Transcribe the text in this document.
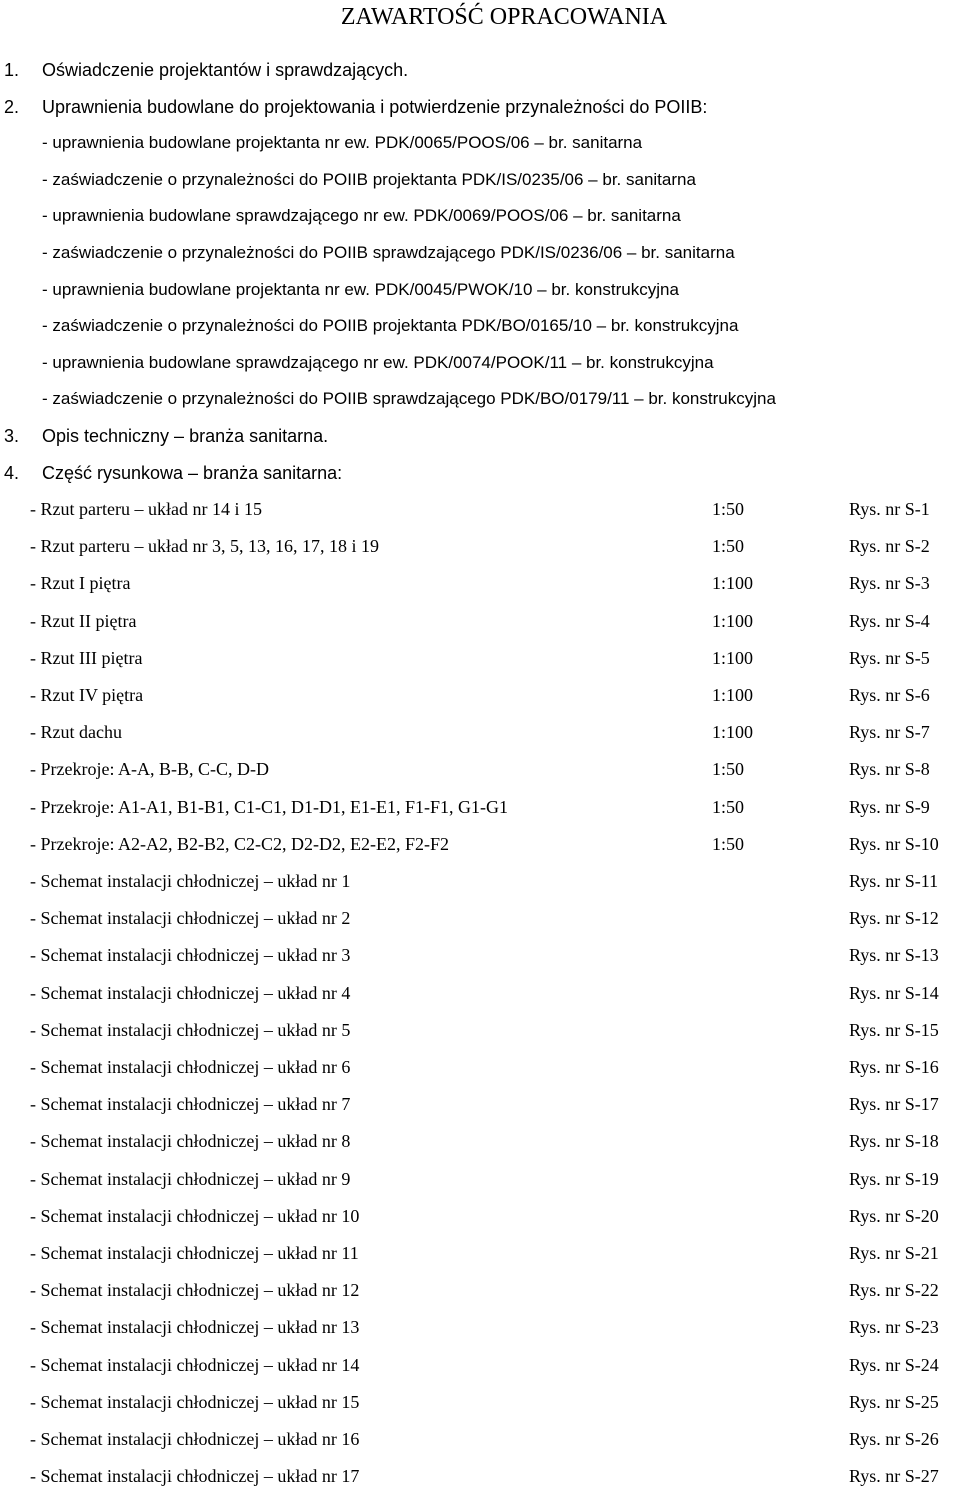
ZAWARTOŚĆ OPRACOWANIA
1. Oświadczenie projektantów i sprawdzających.
2. Uprawnienia budowlane do projektowania i potwierdzenie przynależności do POIIB:
- uprawnienia budowlane projektanta nr ew. PDK/0065/POOS/06 – br. sanitarna
- zaświadczenie o przynależności do POIIB projektanta PDK/IS/0235/06 – br. sanitarna
- uprawnienia budowlane sprawdzającego nr ew. PDK/0069/POOS/06 – br. sanitarna
- zaświadczenie o przynależności do POIIB sprawdzającego PDK/IS/0236/06 – br. sanitarna
- uprawnienia budowlane projektanta nr ew. PDK/0045/PWOK/10 – br. konstrukcyjna
- zaświadczenie o przynależności do POIIB projektanta PDK/BO/0165/10 – br. konstrukcyjna
- uprawnienia budowlane sprawdzającego nr ew. PDK/0074/POOK/11 – br. konstrukcyjna
- zaświadczenie o przynależności do POIIB sprawdzającego PDK/BO/0179/11 – br. konstrukcyjna
3. Opis techniczny – branża sanitarna.
4. Część rysunkowa – branża sanitarna:
- Rzut parteru – układ nr 14 i 15	1:50	Rys. nr S-1
- Rzut parteru – układ nr 3, 5, 13, 16, 17, 18 i 19	1:50	Rys. nr S-2
- Rzut I piętra	1:100	Rys. nr S-3
- Rzut II piętra	1:100	Rys. nr S-4
- Rzut III piętra	1:100	Rys. nr S-5
- Rzut IV piętra	1:100	Rys. nr S-6
- Rzut dachu	1:100	Rys. nr S-7
- Przekroje: A-A, B-B, C-C, D-D	1:50	Rys. nr S-8
- Przekroje: A1-A1, B1-B1, C1-C1, D1-D1, E1-E1, F1-F1, G1-G1	1:50	Rys. nr S-9
- Przekroje: A2-A2, B2-B2, C2-C2, D2-D2, E2-E2, F2-F2	1:50	Rys. nr S-10
- Schemat instalacji chłodniczej – układ nr 1	Rys. nr S-11
- Schemat instalacji chłodniczej – układ nr 2	Rys. nr S-12
- Schemat instalacji chłodniczej – układ nr 3	Rys. nr S-13
- Schemat instalacji chłodniczej – układ nr 4	Rys. nr S-14
- Schemat instalacji chłodniczej – układ nr 5	Rys. nr S-15
- Schemat instalacji chłodniczej – układ nr 6	Rys. nr S-16
- Schemat instalacji chłodniczej – układ nr 7	Rys. nr S-17
- Schemat instalacji chłodniczej – układ nr 8	Rys. nr S-18
- Schemat instalacji chłodniczej – układ nr 9	Rys. nr S-19
- Schemat instalacji chłodniczej – układ nr 10	Rys. nr S-20
- Schemat instalacji chłodniczej – układ nr 11	Rys. nr S-21
- Schemat instalacji chłodniczej – układ nr 12	Rys. nr S-22
- Schemat instalacji chłodniczej – układ nr 13	Rys. nr S-23
- Schemat instalacji chłodniczej – układ nr 14	Rys. nr S-24
- Schemat instalacji chłodniczej – układ nr 15	Rys. nr S-25
- Schemat instalacji chłodniczej – układ nr 16	Rys. nr S-26
- Schemat instalacji chłodniczej – układ nr 17	Rys. nr S-27
